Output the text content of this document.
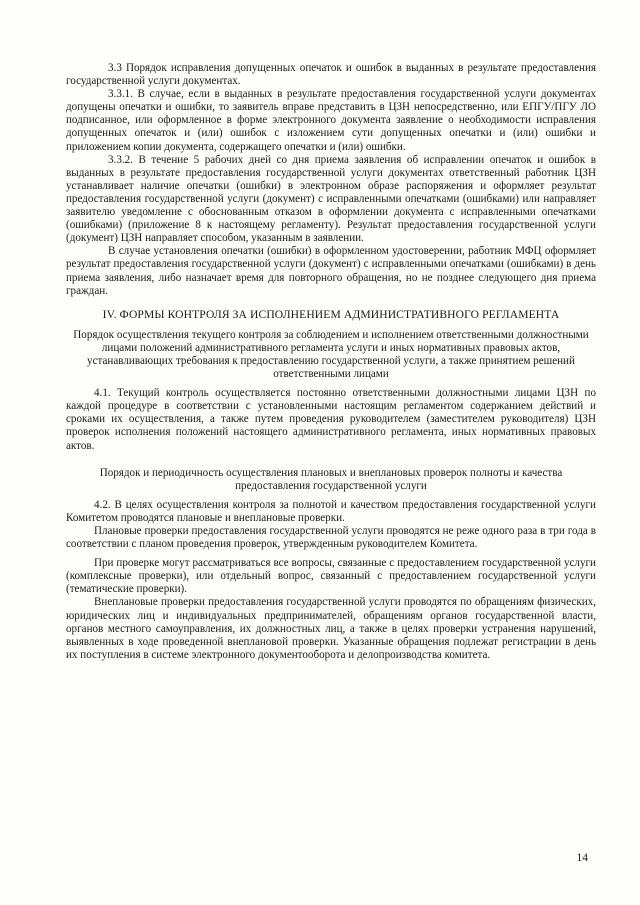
3.3 Порядок исправления допущенных опечаток и ошибок в выданных в результате предоставления государственной услуги документах.

3.3.1. В случае, если в выданных в результате предоставления государственной услуги документах допущены опечатки и ошибки, то заявитель вправе представить в ЦЗН непосредственно, или ЕПГУ/ПГУ ЛО подписанное, или оформленное в форме электронного документа заявление о необходимости исправления допущенных опечаток и (или) ошибок с изложением сути допущенных опечатки и (или) ошибки и приложением копии документа, содержащего опечатки и (или) ошибки.

3.3.2. В течение 5 рабочих дней со дня приема заявления об исправлении опечаток и ошибок в выданных в результате предоставления государственной услуги документах ответственный работник ЦЗН устанавливает наличие опечатки (ошибки) в электронном образе распоряжения и оформляет результат предоставления государственной услуги (документ) с исправленными опечатками (ошибками) или направляет заявителю уведомление с обоснованным отказом в оформлении документа с исправленными опечатками (ошибками) (приложение 8 к настоящему регламенту). Результат предоставления государственной услуги (документ) ЦЗН направляет способом, указанным в заявлении.

В случае установления опечатки (ошибки) в оформленном удостоверении, работник МФЦ оформляет результат предоставления государственной услуги (документ) с исправленными опечатками (ошибками) в день приема заявления, либо назначает время для повторного обращения, но не позднее следующего дня приема граждан.

IV. ФОРМЫ КОНТРОЛЯ ЗА ИСПОЛНЕНИЕМ АДМИНИСТРАТИВНОГО РЕГЛАМЕНТА

Порядок осуществления текущего контроля за соблюдением и исполнением ответственными должностными лицами положений административного регламента услуги и иных нормативных правовых актов, устанавливающих требования к предоставлению государственной услуги, а также принятием решений ответственными лицами

4.1. Текущий контроль осуществляется постоянно ответственными должностными лицами ЦЗН по каждой процедуре в соответствии с установленными настоящим регламентом содержанием действий и сроками их осуществления, а также путем проведения руководителем (заместителем руководителя) ЦЗН проверок исполнения положений настоящего административного регламента, иных нормативных правовых актов.

Порядок и периодичность осуществления плановых и внеплановых проверок полноты и качества предоставления государственной услуги

4.2. В целях осуществления контроля за полнотой и качеством предоставления государственной услуги Комитетом проводятся плановые и внеплановые проверки.

Плановые проверки предоставления государственной услуги проводятся не реже одного раза в три года в соответствии с планом проведения проверок, утвержденным руководителем Комитета.

При проверке могут рассматриваться все вопросы, связанные с предоставлением государственной услуги (комплексные проверки), или отдельный вопрос, связанный с предоставлением государственной услуги (тематические проверки).

Внеплановые проверки предоставления государственной услуги проводятся по обращениям физических, юридических лиц и индивидуальных предпринимателей, обращениям органов государственной власти, органов местного самоуправления, их должностных лиц, а также в целях проверки устранения нарушений, выявленных в ходе проведенной внеплановой проверки. Указанные обращения подлежат регистрации в день их поступления в системе электронного документооборота и делопроизводства комитета.

14
